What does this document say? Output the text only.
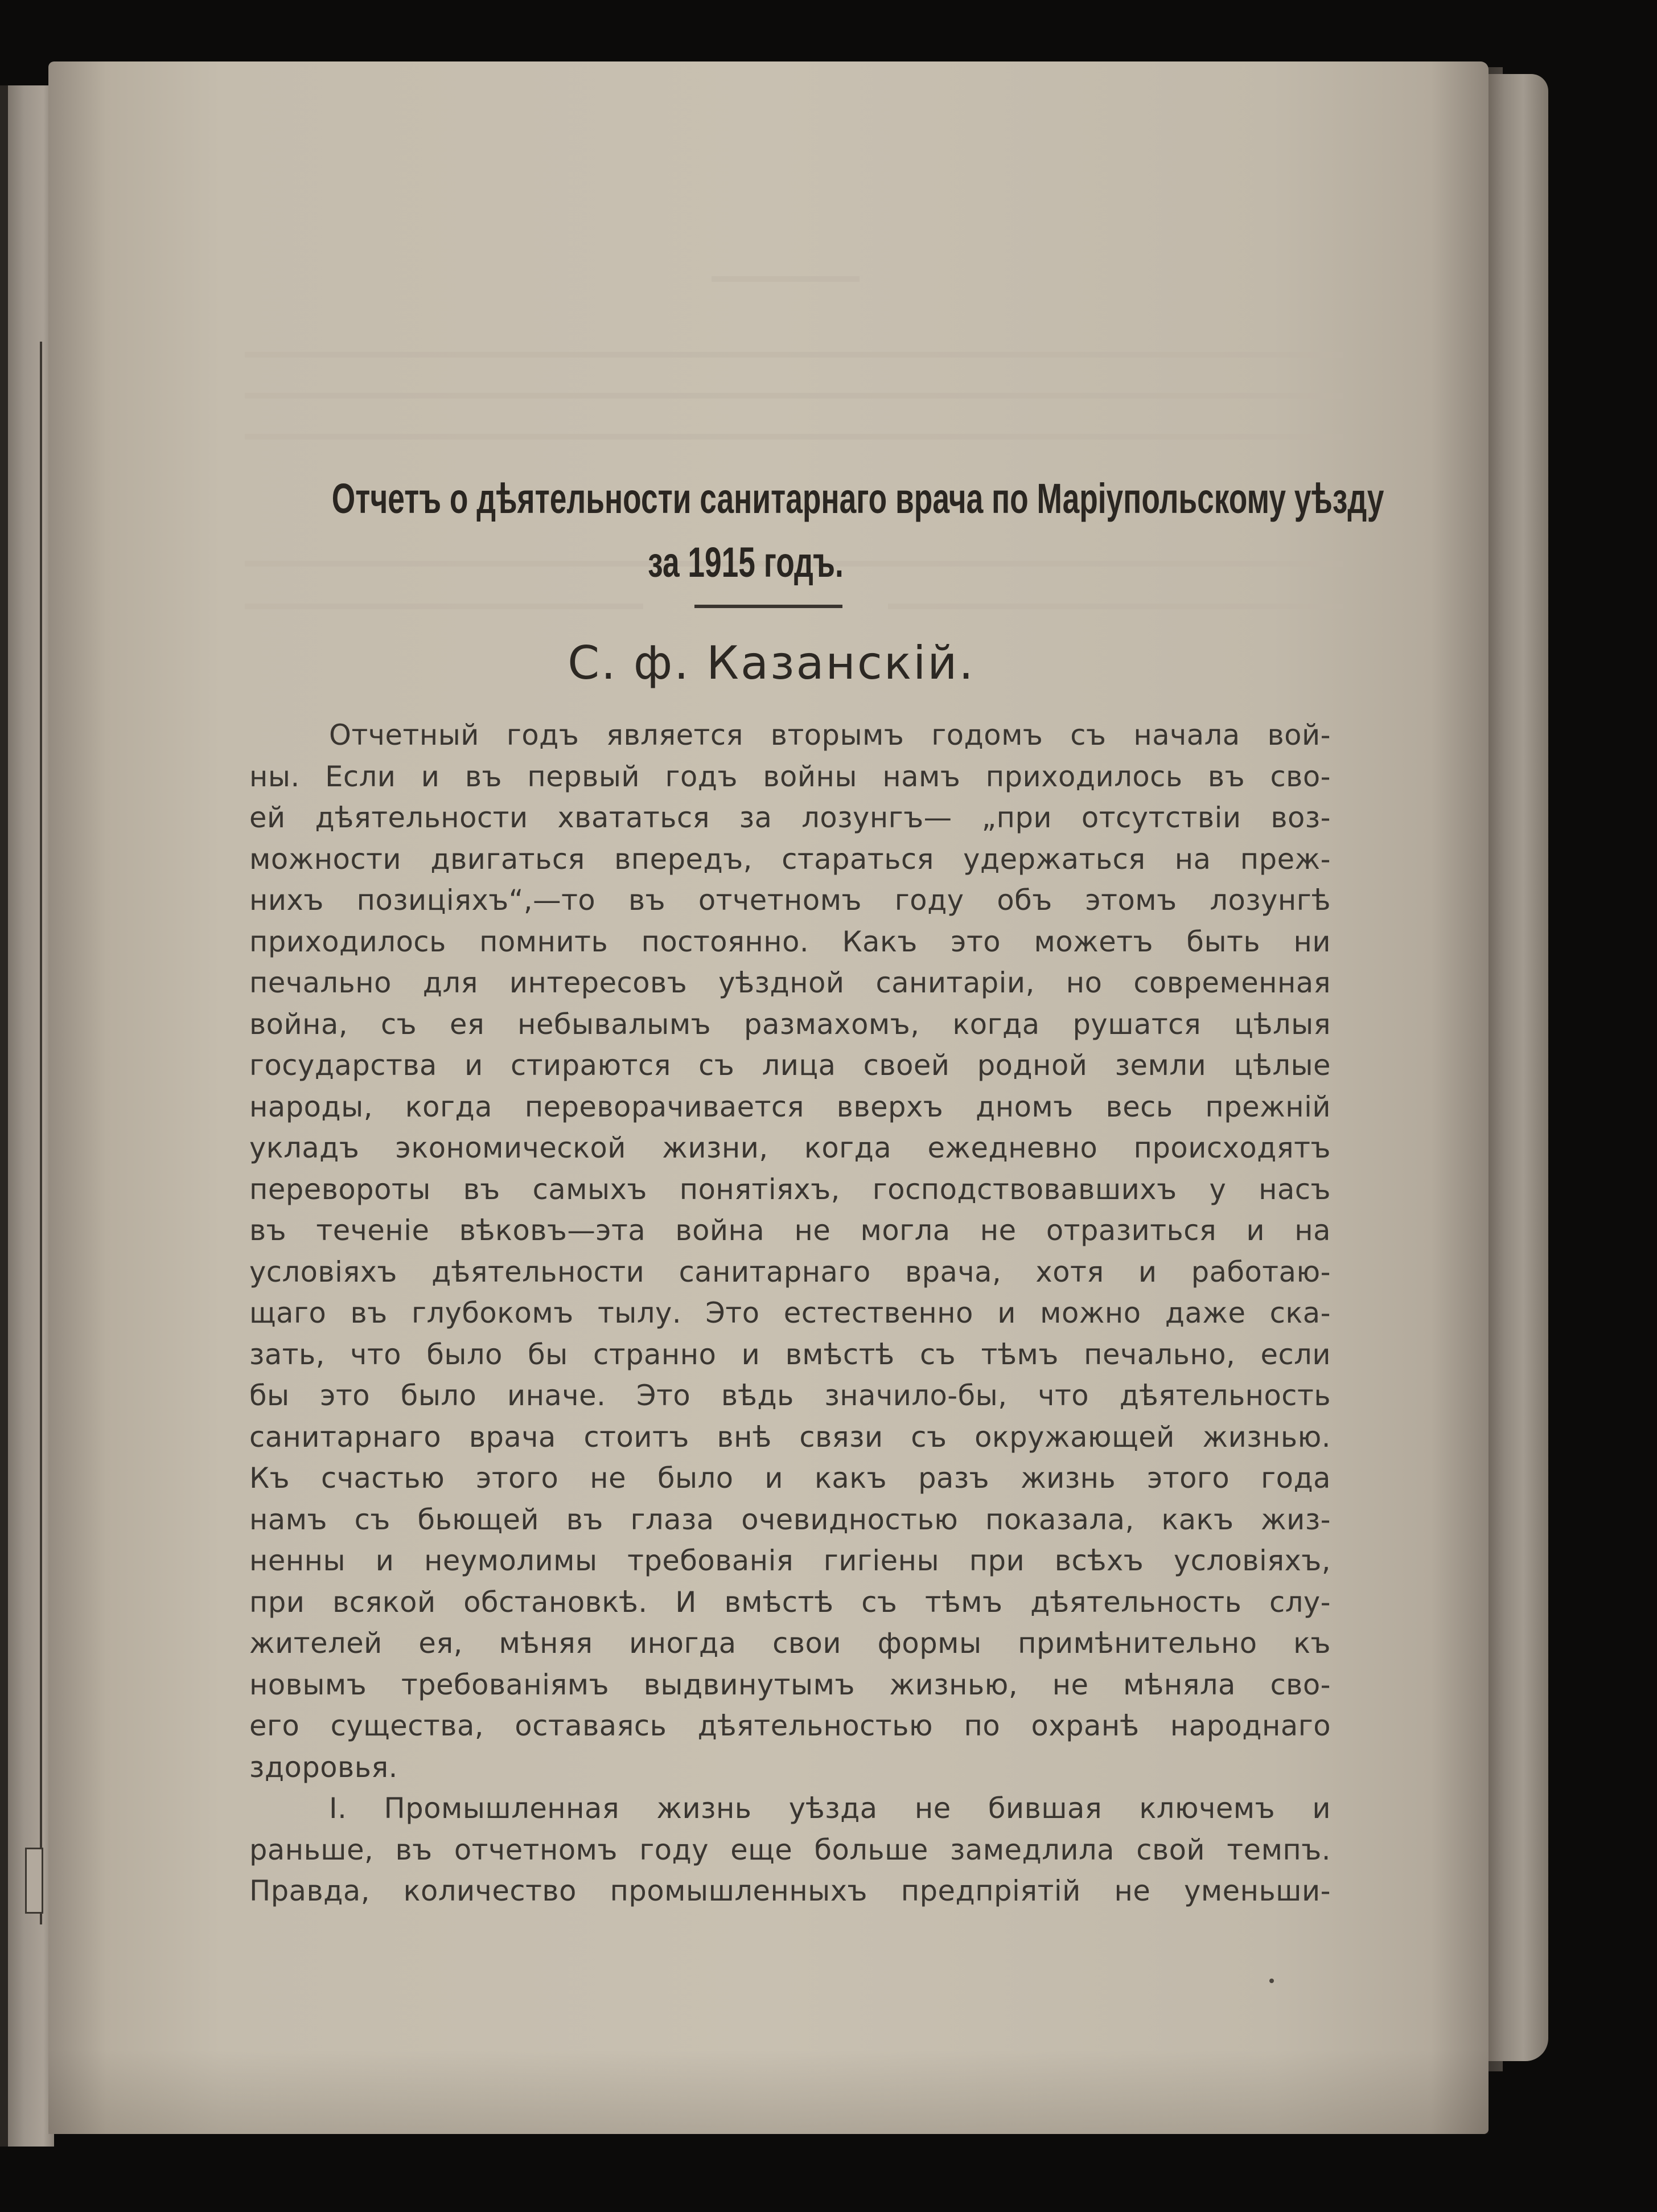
Отчетъ о дѣятельности санитарнаго врача по Маріупольскому уѣзду
за 1915 годъ.
С. ф. Казанскій.
Отчетный годъ является вторымъ годомъ съ начала вой-
ны. Если и въ первый годъ войны намъ приходилось въ сво-
ей дѣятельности хвататься за лозунгъ— „при отсутствіи воз-
можности двигаться впередъ, стараться удержаться на преж-
нихъ позиціяхъ“,—то въ отчетномъ году объ этомъ лозунгѣ
приходилось помнить постоянно. Какъ это можетъ быть ни
печально для интересовъ уѣздной санитаріи, но современная
война, съ ея небывалымъ размахомъ, когда рушатся цѣлыя
государства и стираются съ лица своей родной земли цѣлые
народы, когда переворачивается вверхъ дномъ весь прежній
укладъ экономической жизни, когда ежедневно происходятъ
перевороты въ самыхъ понятіяхъ, господствовавшихъ у насъ
въ теченіе вѣковъ—эта война не могла не отразиться и на
условіяхъ дѣятельности санитарнаго врача, хотя и работаю-
щаго въ глубокомъ тылу. Это естественно и можно даже ска-
зать, что было бы странно и вмѣстѣ съ тѣмъ печально, если
бы это было иначе. Это вѣдь значило-бы, что дѣятельность
санитарнаго врача стоитъ внѣ связи съ окружающей жизнью.
Къ счастью этого не было и какъ разъ жизнь этого года
намъ съ бьющей въ глаза очевидностью показала, какъ жиз-
ненны и неумолимы требованія гигіены при всѣхъ условіяхъ,
при всякой обстановкѣ. И вмѣстѣ съ тѣмъ дѣятельность слу-
жителей ея, мѣняя иногда свои формы примѣнительно къ
новымъ требованіямъ выдвинутымъ жизнью, не мѣняла сво-
его существа, оставаясь дѣятельностью по охранѣ народнаго
здоровья.
I. Промышленная жизнь уѣзда не бившая ключемъ и
раньше, въ отчетномъ году еще больше замедлила свой темпъ.
Правда, количество промышленныхъ предпріятій не уменьши-
